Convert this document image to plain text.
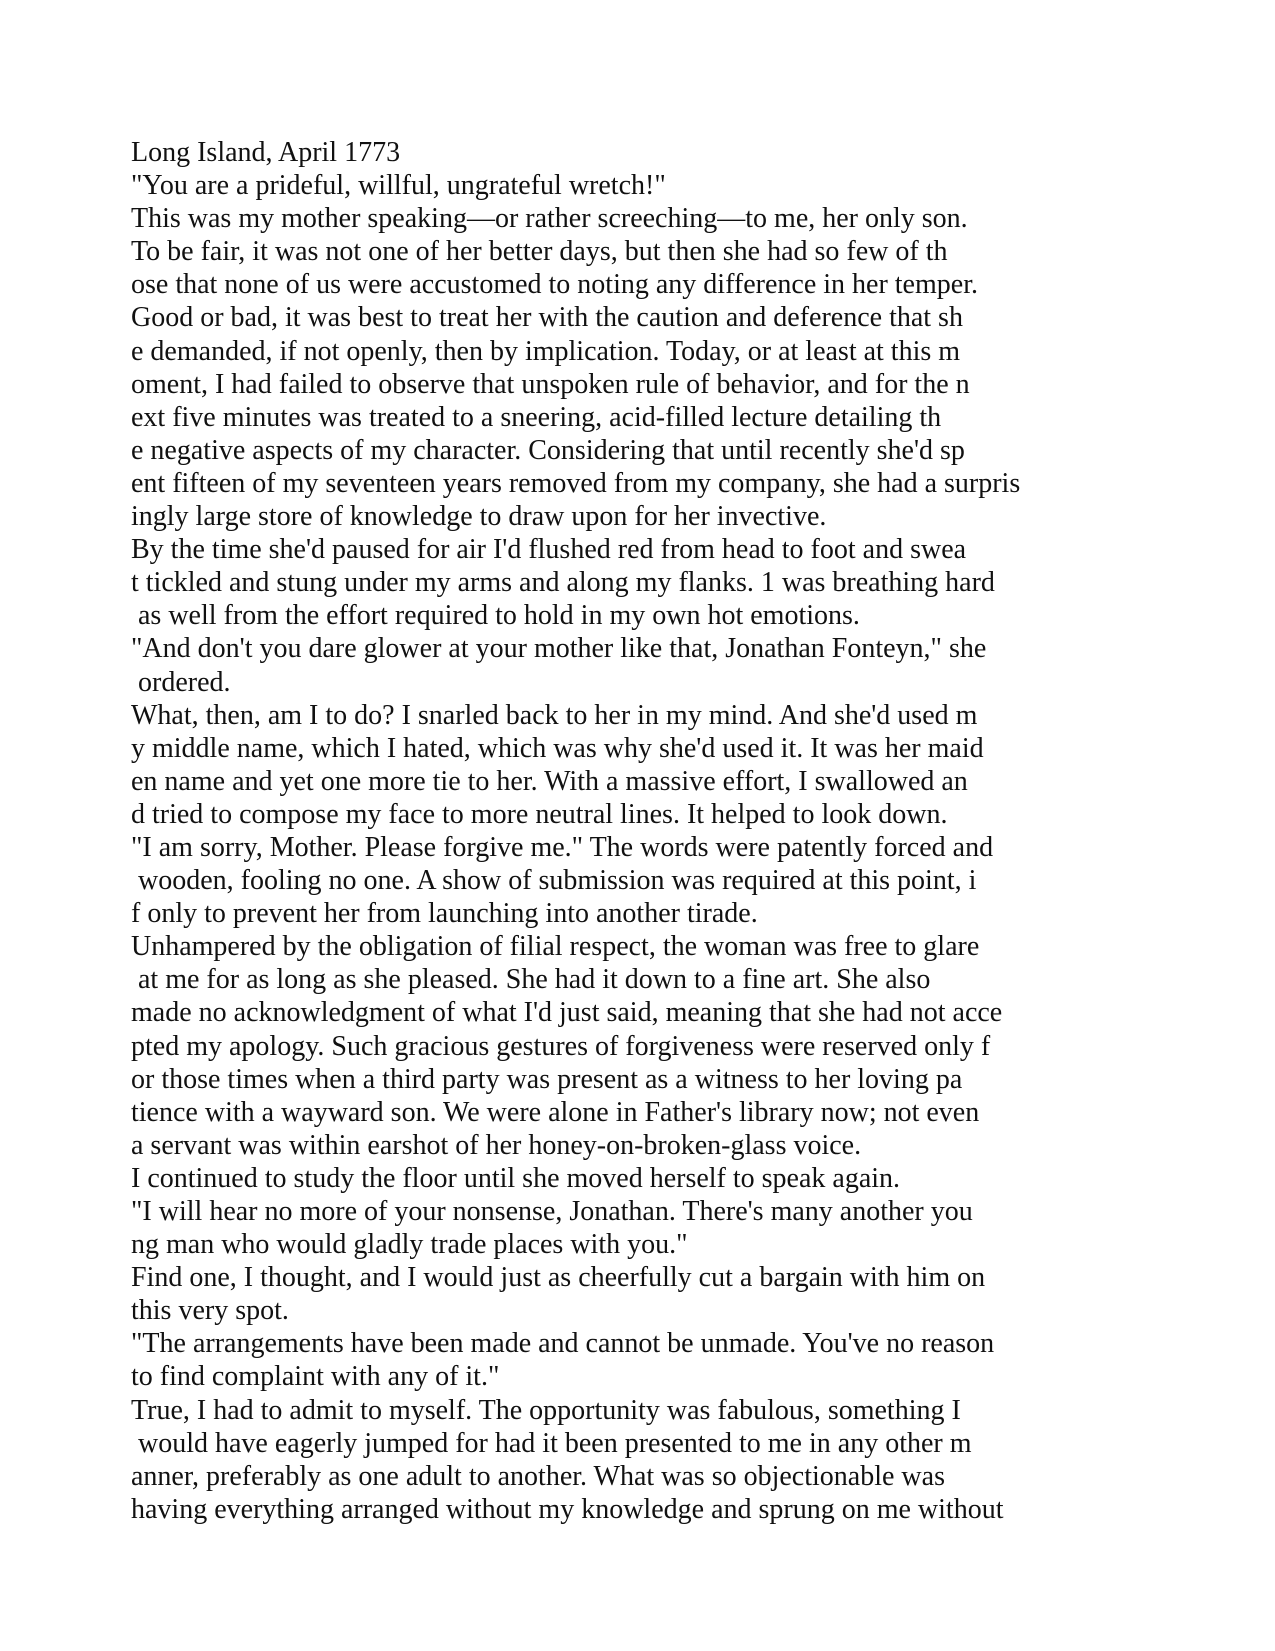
Long Island, April 1773
"You are a prideful, willful, ungrateful wretch!"
This was my mother speaking—or rather screeching—to me, her only son.
To be fair, it was not one of her better days, but then she had so few of th
ose that none of us were accustomed to noting any difference in her temper.
Good or bad, it was best to treat her with the caution and deference that sh
e demanded, if not openly, then by implication. Today, or at least at this m
oment, I had failed to observe that unspoken rule of behavior, and for the n
ext five minutes was treated to a sneering, acid-filled lecture detailing th
e negative aspects of my character. Considering that until recently she'd sp
ent fifteen of my seventeen years removed from my company, she had a surpris
ingly large store of knowledge to draw upon for her invective.
By the time she'd paused for air I'd flushed red from head to foot and swea
t tickled and stung under my arms and along my flanks. 1 was breathing hard
as well from the effort required to hold in my own hot emotions.
"And don't you dare glower at your mother like that, Jonathan Fonteyn," she
ordered.
What, then, am I to do? I snarled back to her in my mind. And she'd used m
y middle name, which I hated, which was why she'd used it. It was her maid
en name and yet one more tie to her. With a massive effort, I swallowed an
d tried to compose my face to more neutral lines. It helped to look down.
"I am sorry, Mother. Please forgive me." The words were patently forced and
wooden, fooling no one. A show of submission was required at this point, i
f only to prevent her from launching into another tirade.
Unhampered by the obligation of filial respect, the woman was free to glare
at me for as long as she pleased. She had it down to a fine art. She also
made no acknowledgment of what I'd just said, meaning that she had not acce
pted my apology. Such gracious gestures of forgiveness were reserved only f
or those times when a third party was present as a witness to her loving pa
tience with a wayward son. We were alone in Father's library now; not even
a servant was within earshot of her honey-on-broken-glass voice.
I continued to study the floor until she moved herself to speak again.
"I will hear no more of your nonsense, Jonathan. There's many another you
ng man who would gladly trade places with you."
Find one, I thought, and I would just as cheerfully cut a bargain with him on
this very spot.
"The arrangements have been made and cannot be unmade. You've no reason
to find complaint with any of it."
True, I had to admit to myself. The opportunity was fabulous, something I
would have eagerly jumped for had it been presented to me in any other m
anner, preferably as one adult to another. What was so objectionable was
having everything arranged without my knowledge and sprung on me without
